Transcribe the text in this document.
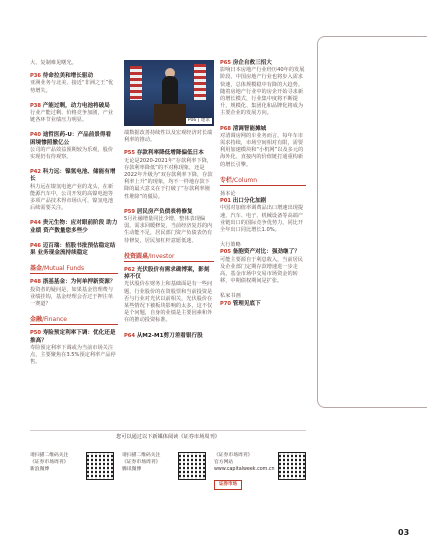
大、复制难见曙光。
P36 待命拉美和增长驱动
亚洲业务与北美、接近“非洲之王”优势增失。
P38 产能过剩，动力电池将破局
行业产能过剩、价格竞争加剧，产业链各环节业绩压力明显。
P40 迪哲医药-U：产品前景得看 困境惨照撤亿公
公司的产品效益预期较为乐观，股价实现仍有待观察。
P42 科力远：镍氢电池、储能有增长
科力远在镍氢电池产业的龙头，在新能源汽车中，公司开发的高镍电池等多项产品技术得市场认可，镍氢电池后续需要关注。
P44 贵元生物：应对眼前阶段 助力业绩 资产数量您多些少
P46 迈百瑞：招股书批预估稳定结果 业务现金流持续稳定
基金/Mutual Funds
P48 浙基基金：为何单押新资源？
投资者的疑问是，如果基金管理费与业绩挂钩，基金经理会否过于押注单一赛道？
金融/Finance
P50 寿险预定利率下调：优化还是推高？
寿险预定利率下调或为当前市场关注点，主要聚焦在3.5%预定利率产品停售。
P06 | 建求
端数据改善持续性以及宏观经济对长端利率的推动。
P55 存款利率降低增降偏低日本
无论是2020-2021年“存款利率下降，存款利率降低”的不对称现象，还是2022年升级为“双存款利率下降，存款利率上升”的现象，均不一样地存款下降的最大意义在于打破了“存款利率刚性堆降”的僵局。
P59 居民房产负债表将修复
5月社融增量同比少增，整体表现偏弱。需求回暖修复，当前经济复苏的内生动能不足，居民部门资产负债表仍有待修复，居民加杠杆意愿低迷。
投资圆桌/Investor
P62 光伏股价有需求确博案，影刻掉不仅
光伏股价在财务上和基础面是有一些问题，行业股价的在资股票和当前投资是否与行业对光伏以前相关，光伏股价在某些情况下被板块影响的太多，这不仅是个问题，自身的业绩是主要因素和外在的推动投资标准。
P64 从M2-M1剪刀差看银行股
P65 房企自救三招大
影响日本房地产行业经历40年的发展阶段，中国房地产行业也将步入需求快速，总体规模稳中有降的大趋势。随着房地产行业中的房企开始寻求新的增长模式，行业集中度将不断提升，规模化、集团化和品牌化将成为主要企业的发展方向。
P68 清调智能摊城
对清调房网的车业务而言，每年车市需求持续，市场空间相对有限，需要利用加速模块和“小机网”以及多元的海外化、直接内的价值链打通重构新的增长引擎。
专栏/Column
扬本论
P01 出口分化加剧
中国对加值率调费品出口增速出现提速，汽车、电子、机械设备等高端产业链出口的国际竞争优势力，同比开全年出口同比增长1.0%。
大行策略
P05 备胞资产对比：强劲继了？
可能主要源自于利息收入，当前居民及企业部门定期存款增速进一步走高，基金市场中交易市场资金的转移，中期债权期间是扩张。
私家书画
P70 管理见底下
您可以通过以下新媒体阅读《证券市场周刊》
请扫描二维码关注
《证券市场周刊》
新浪微博
请扫描二维码关注
《证券市场周刊》
腾讯微博
《证券市场周刊》
官方网站
www.capitalweek.com.cn
证券市场
03
